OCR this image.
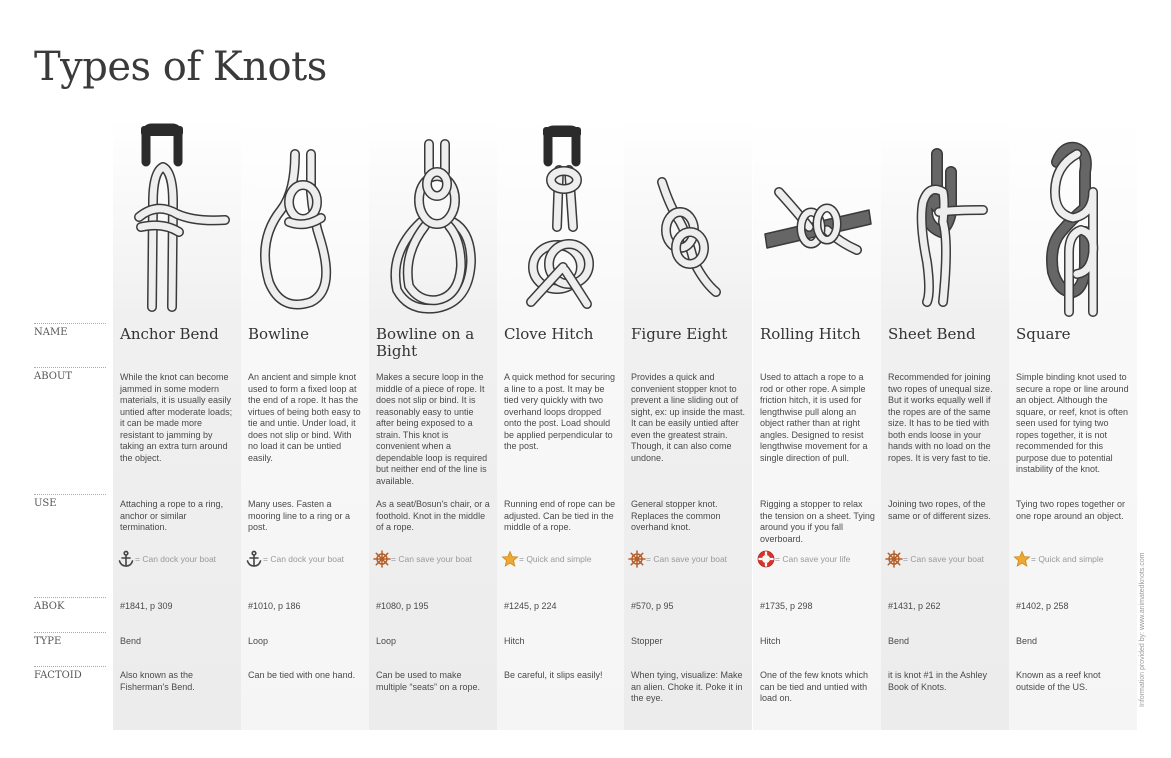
Types of Knots
NAME
ABOUT
USE
ABOK
TYPE
FACTOID
Anchor Bend
While the knot can become jammed in some modern materials, it is usually easily untied after moderate loads; it can be made more resistant to jamming by taking an extra turn around the object.
Attaching a rope to a ring, anchor or similar termination.
= Can dock your boat
#1841, p 309
Bend
Also known as the Fisherman's Bend.
Bowline
An ancient and simple knot used to form a fixed loop at the end of a rope. It has the virtues of being both easy to tie and untie. Under load, it does not slip or bind. With no load it can be untied easily.
Many uses. Fasten a mooring line to a ring or a post.
= Can dock your boat
#1010, p 186
Loop
Can be tied with one hand.
Bowline on a Bight
Makes a secure loop in the middle of a piece of rope. It does not slip or bind. It is reasonably easy to untie after being exposed to a strain. This knot is convenient when a dependable loop is required but neither end of the line is available.
As a seat/Bosun's chair, or a foothold. Knot in the middle of a rope.
= Can save your boat
#1080, p 195
Loop
Can be used to make multiple “seats” on a rope.
Clove Hitch
A quick method for securing a line to a post. It may be tied very quickly with two overhand loops dropped onto the post. Load should be applied perpendicular to the post.
Running end of rope can be adjusted. Can be tied in the middle of a rope.
= Quick and simple
#1245, p 224
Hitch
Be careful, it slips easily!
Figure Eight
Provides a quick and convenient stopper knot to prevent a line sliding out of sight, ex: up inside the mast. It can be easily untied after even the greatest strain. Though, it can also come undone.
General stopper knot. Replaces the common overhand knot.
= Can save your boat
#570, p 95
Stopper
When tying, visualize: Make an alien. Choke it. Poke it in the eye.
Rolling Hitch
Used to attach a rope to a rod or other rope. A simple friction hitch, it is used for lengthwise pull along an object rather than at right angles. Designed to resist lengthwise movement for a single direction of pull.
Rigging a stopper to relax the tension on a sheet. Tying around you if you fall overboard.
= Can save your life
#1735, p 298
Hitch
One of the few knots which can be tied and untied with load on.
Sheet Bend
Recommended for joining two ropes of unequal size. But it works equally well if the ropes are of the same size. It has to be tied with both ends loose in your hands with no load on the ropes. It is very fast to tie.
Joining two ropes, of the same or of different sizes.
= Can save your boat
#1431, p 262
Bend
it is knot #1 in the Ashley Book of Knots.
Square
Simple binding knot used to secure a rope or line around an object. Although the square, or reef, knot is often seen used for tying two ropes together, it is not recommended for this purpose due to potential instability of the knot.
Tying two ropes together or one rope around an object.
= Quick and simple
#1402, p 258
Bend
Known as a reef knot outside of the US.	Information provided by: www.animatedknots.com
